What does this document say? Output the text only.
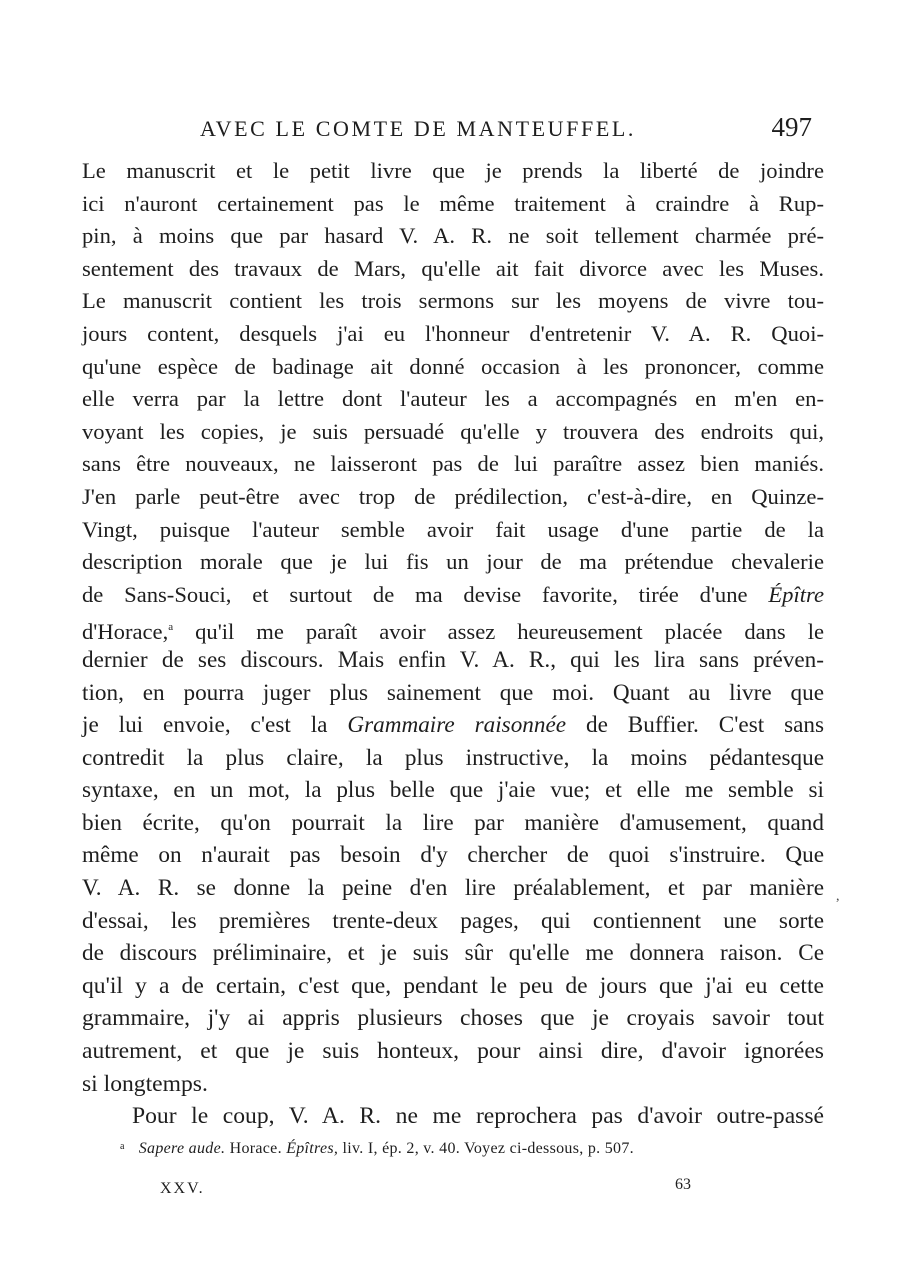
AVEC LE COMTE DE MANTEUFFEL.	497
Le manuscrit et le petit livre que je prends la liberté de joindre
ici n'auront certainement pas le même traitement à craindre à Rup-
pin, à moins que par hasard V. A. R. ne soit tellement charmée pré-
sentement des travaux de Mars, qu'elle ait fait divorce avec les Muses.
Le manuscrit contient les trois sermons sur les moyens de vivre tou-
jours content, desquels j'ai eu l'honneur d'entretenir V. A. R. Quoi-
qu'une espèce de badinage ait donné occasion à les prononcer, comme
elle verra par la lettre dont l'auteur les a accompagnés en m'en en-
voyant les copies, je suis persuadé qu'elle y trouvera des endroits qui,
sans être nouveaux, ne laisseront pas de lui paraître assez bien maniés.
J'en parle peut-être avec trop de prédilection, c'est-à-dire, en Quinze-
Vingt, puisque l'auteur semble avoir fait usage d'une partie de la
description morale que je lui fis un jour de ma prétendue chevalerie
de Sans-Souci, et surtout de ma devise favorite, tirée d'une Épître
d'Horace,$^a$ qu'il me paraît avoir assez heureusement placée dans le
dernier de ses discours. Mais enfin V. A. R., qui les lira sans préven-
tion, en pourra juger plus sainement que moi. Quant au livre que
je lui envoie, c'est la Grammaire raisonnée de Buffier. C'est sans
contredit la plus claire, la plus instructive, la moins pédantesque
syntaxe, en un mot, la plus belle que j'aie vue; et elle me semble si
bien écrite, qu'on pourrait la lire par manière d'amusement, quand
même on n'aurait pas besoin d'y chercher de quoi s'instruire. Que
V. A. R. se donne la peine d'en lire préalablement, et par manière
d'essai, les premières trente-deux pages, qui contiennent une sorte
de discours préliminaire, et je suis sûr qu'elle me donnera raison. Ce
qu'il y a de certain, c'est que, pendant le peu de jours que j'ai eu cette
grammaire, j'y ai appris plusieurs choses que je croyais savoir tout
autrement, et que je suis honteux, pour ainsi dire, d'avoir ignorées
si longtemps.
Pour le coup, V. A. R. ne me reprochera pas d'avoir outre-passé
$^a$ Sapere aude. Horace. Épîtres, liv. I, ép. 2, v. 40. Voyez ci-dessous, p. 507.
XXV.	63
,
